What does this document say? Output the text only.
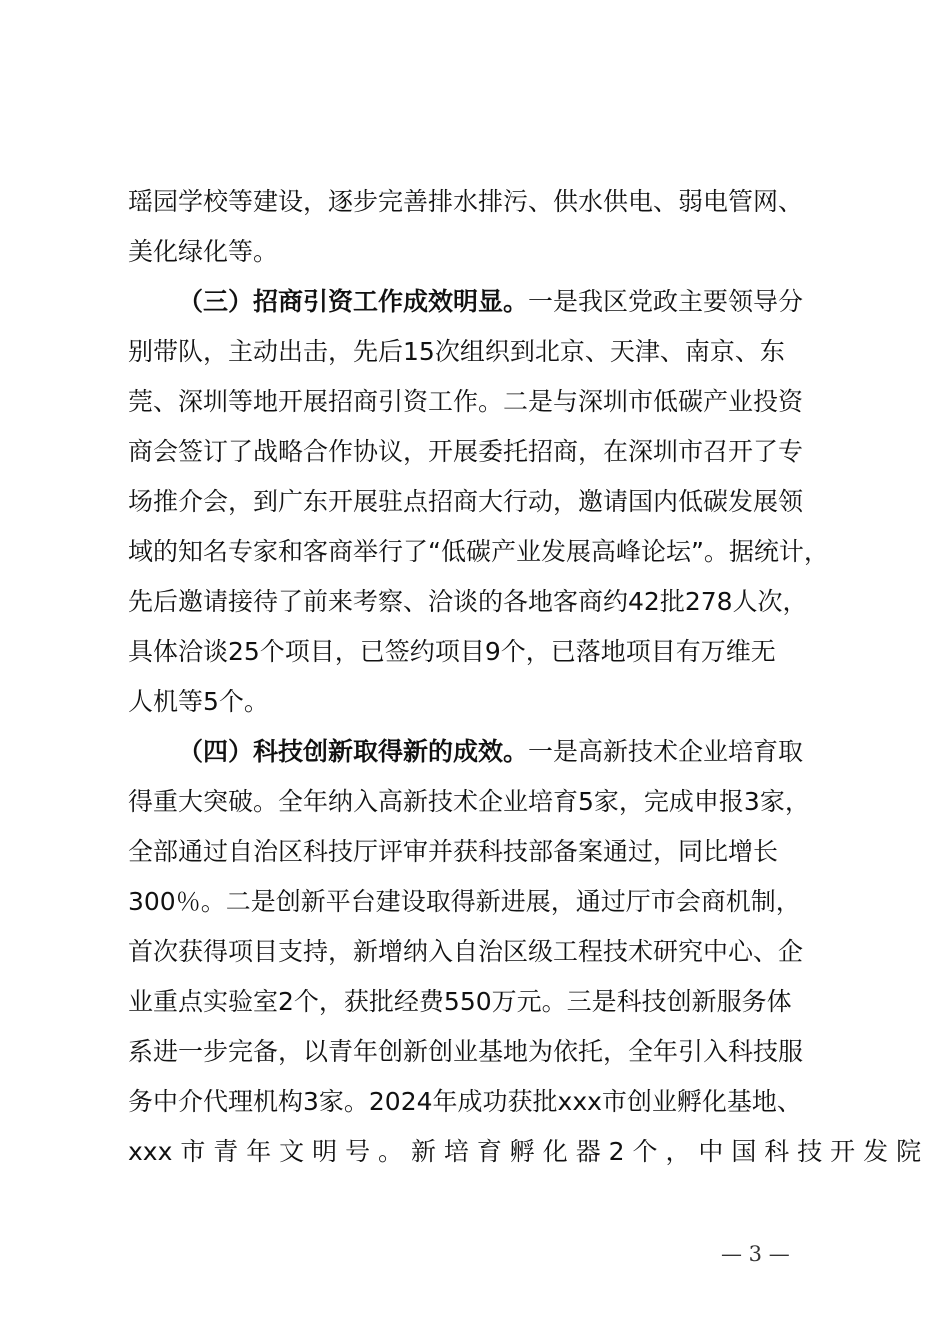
瑶园学校等建设，逐步完善排水排污、供水供电、弱电管网、
美化绿化等。
（三）招商引资工作成效明显。一是我区党政主要领导分
别带队，主动出击，先后15次组织到北京、天津、南京、东
莞、深圳等地开展招商引资工作。二是与深圳市低碳产业投资
商会签订了战略合作协议，开展委托招商，在深圳市召开了专
场推介会，到广东开展驻点招商大行动，邀请国内低碳发展领
域的知名专家和客商举行了“低碳产业发展高峰论坛”。据统计，
先后邀请接待了前来考察、洽谈的各地客商约42批278人次，
具体洽谈25个项目，已签约项目9个，已落地项目有万维无
人机等5个。
（四）科技创新取得新的成效。一是高新技术企业培育取
得重大突破。全年纳入高新技术企业培育5家，完成申报3家，
全部通过自治区科技厅评审并获科技部备案通过，同比增长
300％。二是创新平台建设取得新进展，通过厅市会商机制，
首次获得项目支持，新增纳入自治区级工程技术研究中心、企
业重点实验室2个，获批经费550万元。三是科技创新服务体
系进一步完备，以青年创新创业基地为依托，全年引入科技服
务中介代理机构3家。2024年成功获批xxx市创业孵化基地、
xxx 市 青 年 文 明 号 。 新 培 育 孵 化 器 2 个 ， 中 国 科 技 开 发 院
— 3 —
